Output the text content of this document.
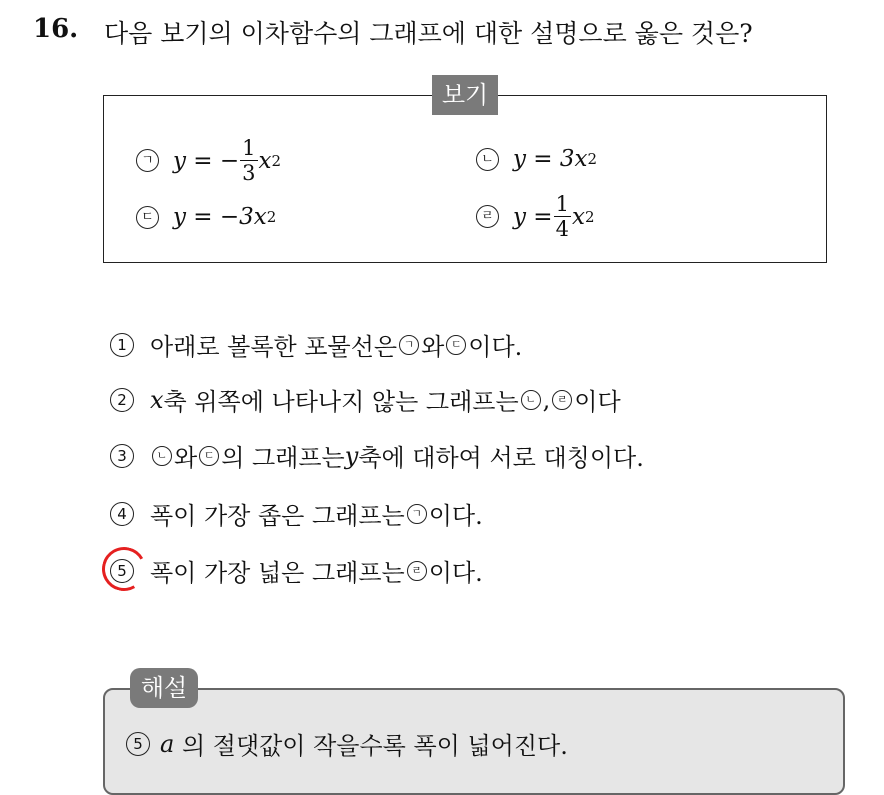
16. 다음 보기의 이차함수의 그래프에 대한 설명으로 옳은 것은?
보기
ㄱ y = − $\frac{1}{3}$ x 2	ㄴ y = 3x 2
ㄷ y = −3x 2	ㄹ $y = \frac{1}{4}$ x 2
1 아래로 볼록한 포물선은 ㄱ 와 ㄷ 이다.
2 x 축 위쪽에 나타나지 않는 그래프는 ㄴ , ㄹ 이다
3	ㄴ 와 ㄷ 의 그래프는 y 축에 대하여 서로 대칭이다.
4 폭이 가장 좁은 그래프는 ㄱ 이다.
5 폭이 가장 넓은 그래프는 ㄹ 이다.
해설
5 a 의 절댓값이 작을수록 폭이 넓어진다.
